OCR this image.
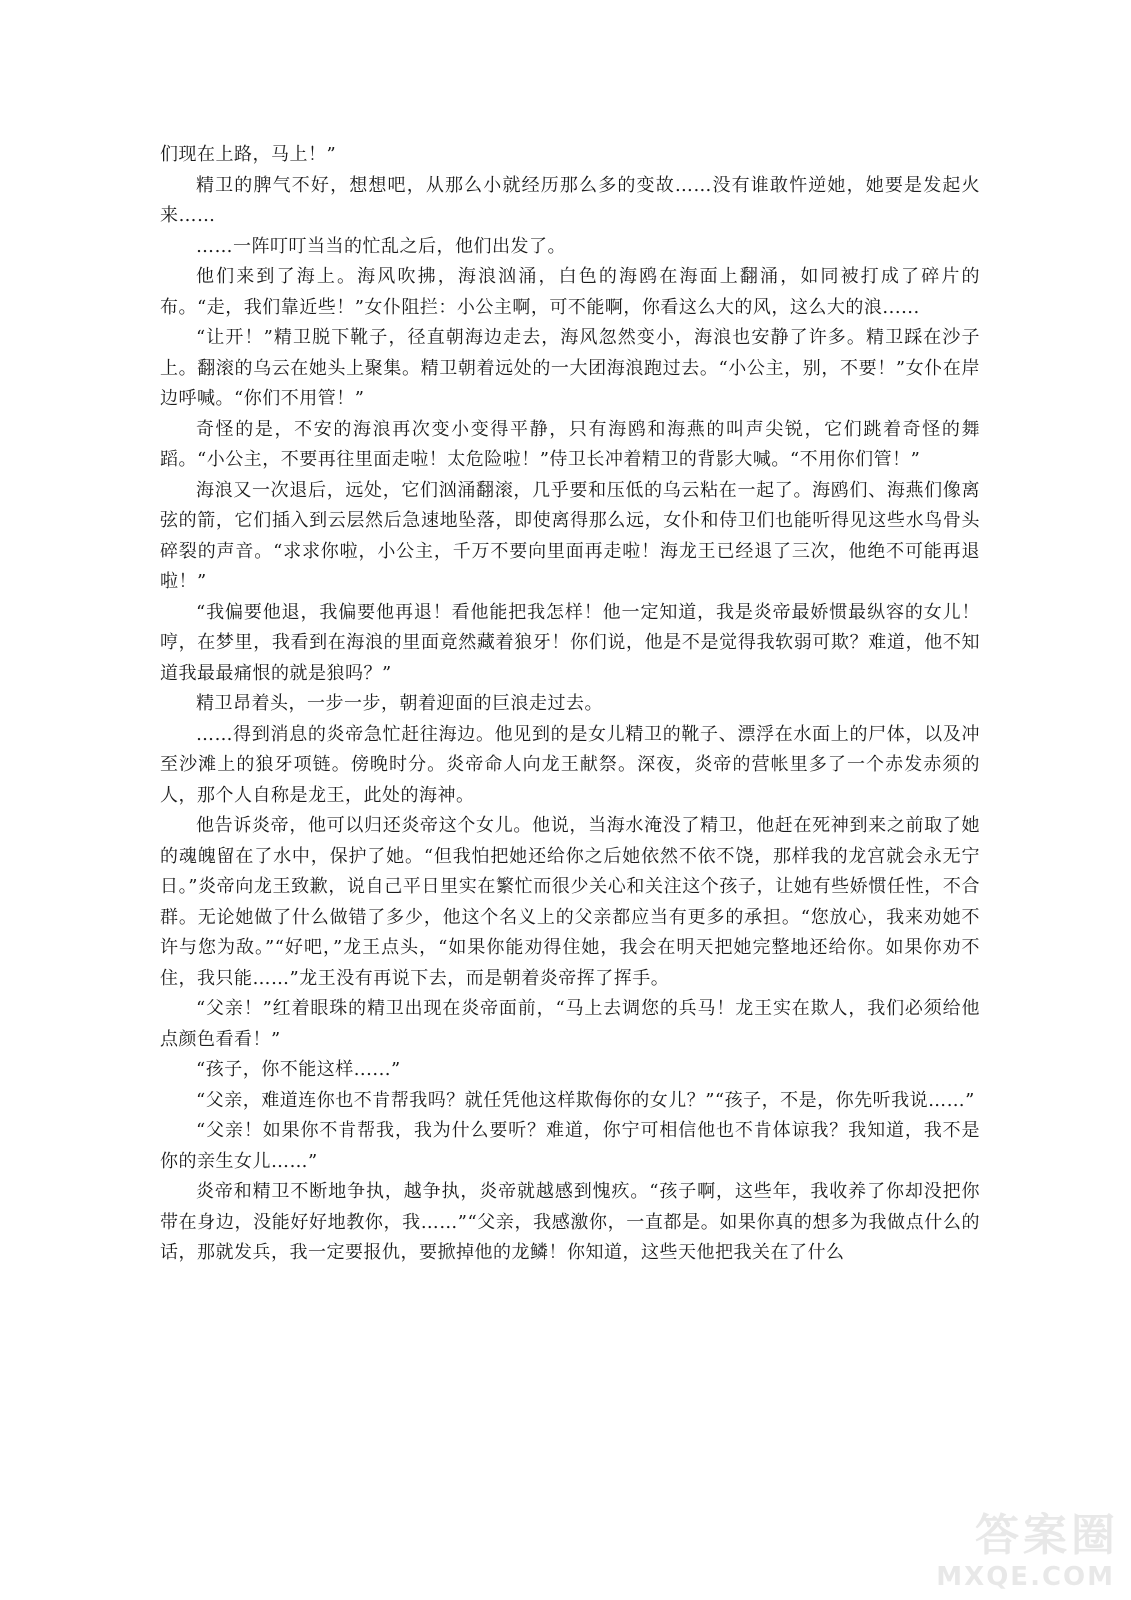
们现在上路，马上！”

精卫的脾气不好，想想吧，从那么小就经历那么多的变故……没有谁敢忤逆她，她要是发起火来……

……一阵叮叮当当的忙乱之后，他们出发了。

他们来到了海上。海风吹拂，海浪汹涌，白色的海鸥在海面上翻涌，如同被打成了碎片的布。“走，我们靠近些！”女仆阻拦：小公主啊，可不能啊，你看这么大的风，这么大的浪......

“让开！”精卫脱下靴子，径直朝海边走去，海风忽然变小，海浪也安静了许多。精卫踩在沙子上。翻滚的乌云在她头上聚集。精卫朝着远处的一大团海浪跑过去。“小公主，别，不要！”女仆在岸边呼喊。“你们不用管！”

奇怪的是，不安的海浪再次变小变得平静，只有海鸥和海燕的叫声尖锐，它们跳着奇怪的舞蹈。“小公主，不要再往里面走啦！太危险啦！”侍卫长冲着精卫的背影大喊。“不用你们管！”

海浪又一次退后，远处，它们汹涌翻滚，几乎要和压低的乌云粘在一起了。海鸥们、海燕们像离弦的箭，它们插入到云层然后急速地坠落，即使离得那么远，女仆和侍卫们也能听得见这些水鸟骨头碎裂的声音。“求求你啦，小公主，千万不要向里面再走啦！海龙王已经退了三次，他绝不可能再退啦！”

“我偏要他退，我偏要他再退！看他能把我怎样！他一定知道，我是炎帝最娇惯最纵容的女儿！哼，在梦里，我看到在海浪的里面竟然藏着狼牙！你们说，他是不是觉得我软弱可欺？难道，他不知道我最最痛恨的就是狼吗？”

精卫昂着头，一步一步，朝着迎面的巨浪走过去。

……得到消息的炎帝急忙赶往海边。他见到的是女儿精卫的靴子、漂浮在水面上的尸体，以及冲至沙滩上的狼牙项链。傍晚时分。炎帝命人向龙王献祭。深夜，炎帝的营帐里多了一个赤发赤须的人，那个人自称是龙王，此处的海神。

他告诉炎帝，他可以归还炎帝这个女儿。他说，当海水淹没了精卫，他赶在死神到来之前取了她的魂魄留在了水中，保护了她。“但我怕把她还给你之后她依然不依不饶，那样我的龙宫就会永无宁日。”炎帝向龙王致歉，说自己平日里实在繁忙而很少关心和关注这个孩子，让她有些娇惯任性，不合群。无论她做了什么做错了多少，他这个名义上的父亲都应当有更多的承担。“您放心，我来劝她不许与您为敌。”“好吧，”龙王点头，“如果你能劝得住她，我会在明天把她完整地还给你。如果你劝不住，我只能……”龙王没有再说下去，而是朝着炎帝挥了挥手。

“父亲！”红着眼珠的精卫出现在炎帝面前，“马上去调您的兵马！龙王实在欺人，我们必须给他点颜色看看！”

“孩子，你不能这样......”

“父亲，难道连你也不肯帮我吗？就任凭他这样欺侮你的女儿？”“孩子，不是，你先听我说……”

“父亲！如果你不肯帮我，我为什么要听？难道，你宁可相信他也不肯体谅我？我知道，我不是你的亲生女儿……”

炎帝和精卫不断地争执，越争执，炎帝就越感到愧疚。“孩子啊，这些年，我收养了你却没把你带在身边，没能好好地教你，我……”“父亲，我感激你，一直都是。如果你真的想多为我做点什么的话，那就发兵，我一定要报仇，要掀掉他的龙鳞！你知道，这些天他把我关在了什么

答案圈
MXQE.COM
